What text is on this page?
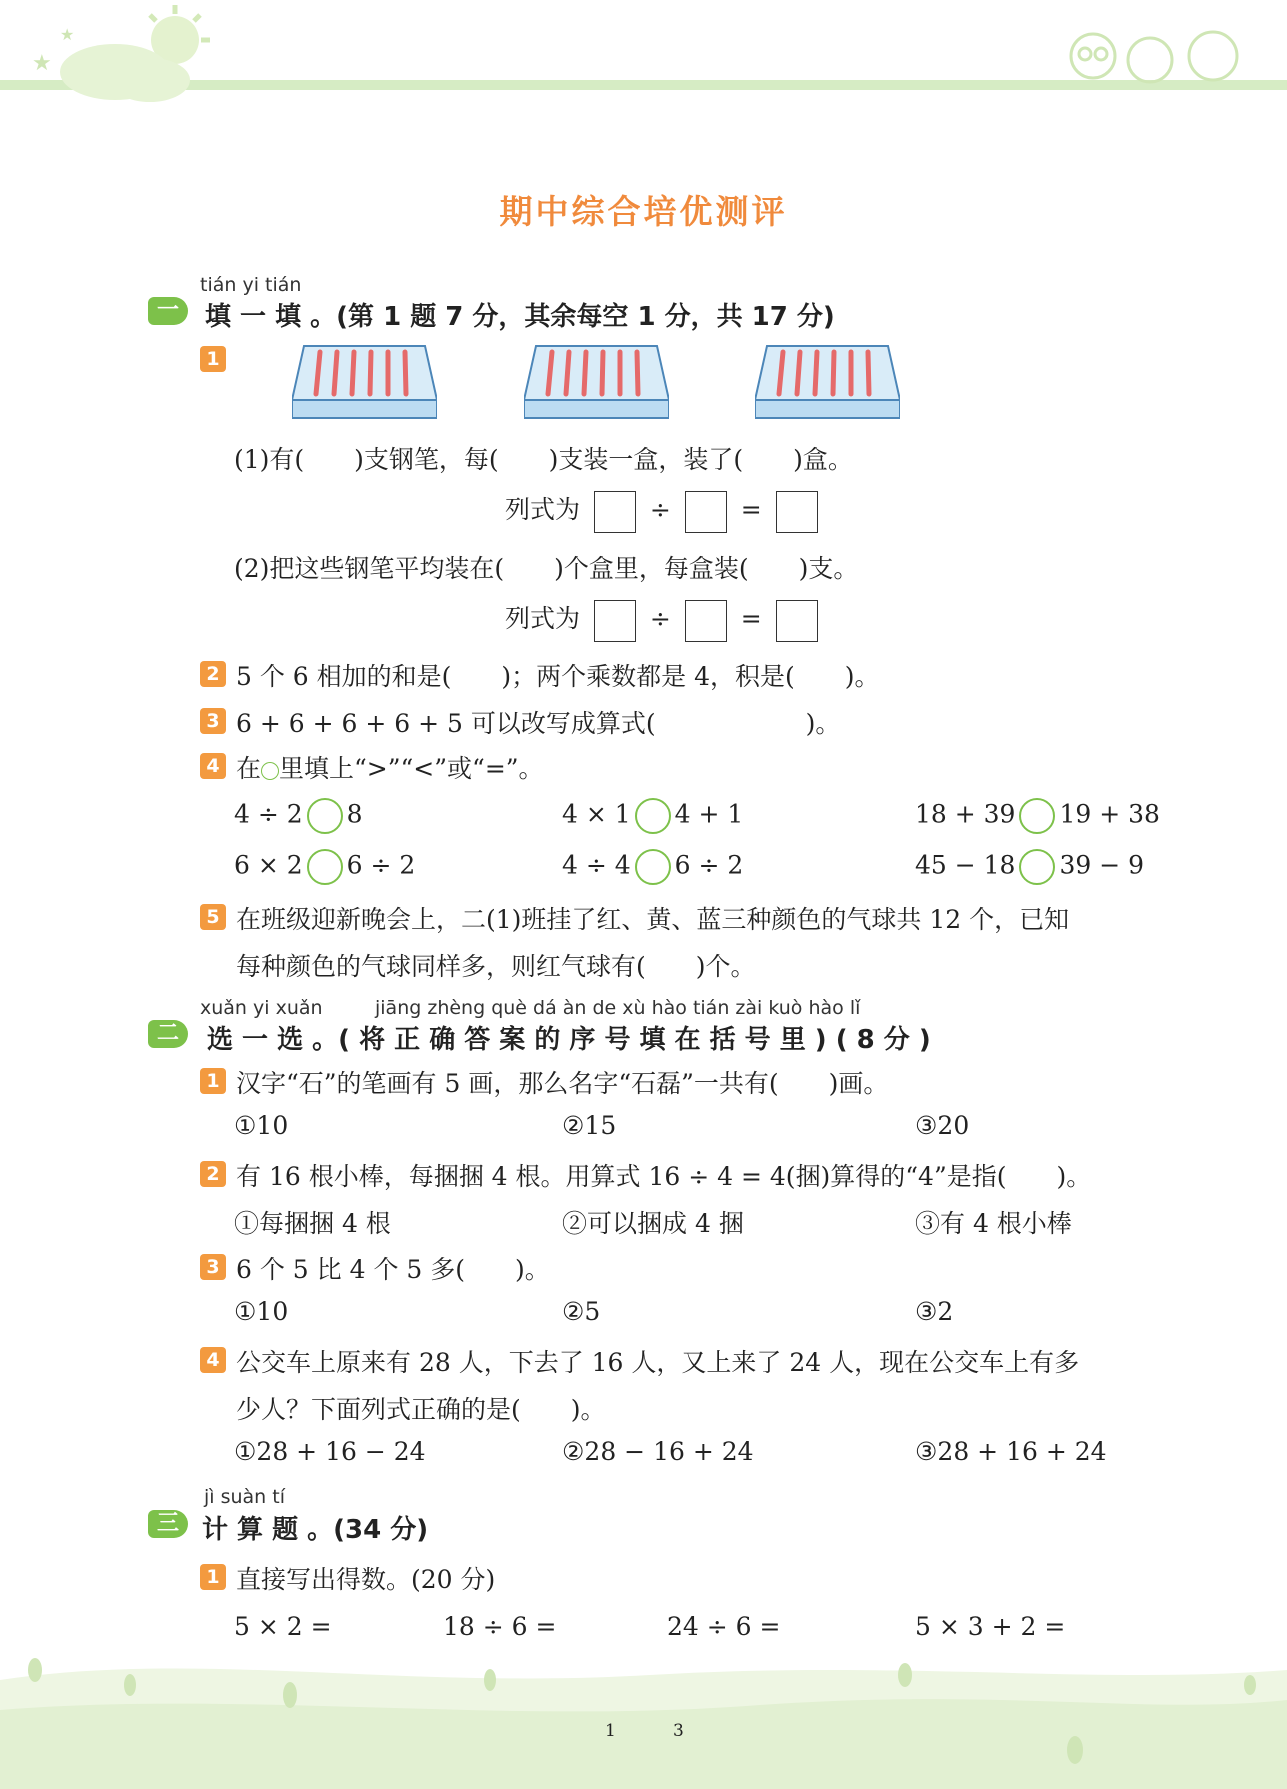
★
★
期中综合培优测评
tián yi tián
一	填 一 填 。(第 1 题 7 分，其余每空 1 分，共 17 分)
1
(1)有(　　)支钢笔，每(　　)支装一盒，装了(　　)盒。
列式为	÷	=
(2)把这些钢笔平均装在(　　)个盒里，每盒装(　　)支。
列式为	÷	=
2 5 个 6 相加的和是(　　)；两个乘数都是 4，积是(　　)。
3 6 + 6 + 6 + 6 + 5 可以改写成算式(　　　　　　)。
4 在 里填上“>”“<”或“=”。
4 ÷ 2 8	4 × 1 4 + 1	18 + 39 19 + 38
6 × 2 6 ÷ 2	4 ÷ 4 6 ÷ 2	45 − 18 39 − 9
5 在班级迎新晚会上，二(1)班挂了红、黄、蓝三种颜色的气球共 12 个，已知
每种颜色的气球同样多，则红气球有(　　)个。
xuǎn yi xuǎn	jiāng zhèng què dá àn de xù hào tián zài kuò hào lǐ
二	选 一 选 。( 将 正 确 答 案 的 序 号 填 在 括 号 里 ) ( 8 分 )
1 汉字“石”的笔画有 5 画，那么名字“石磊”一共有(　　)画。
①10	②15	③20
2 有 16 根小棒，每捆捆 4 根。用算式 16 ÷ 4 = 4(捆)算得的“4”是指(　　)。
①每捆捆 4 根	②可以捆成 4 捆	③有 4 根小棒
3 6 个 5 比 4 个 5 多(　　)。
①10	②5	③2
4 公交车上原来有 28 人，下去了 16 人，又上来了 24 人，现在公交车上有多
少人？下面列式正确的是(　　)。
①28 + 16 − 24	②28 − 16 + 24	③28 + 16 + 24
jì suàn tí
三 计 算 题 。(34 分)
1 直接写出得数。(20 分)
5 × 2 =	18 ÷ 6 =	24 ÷ 6 =	5 × 3 + 2 =
1	3
